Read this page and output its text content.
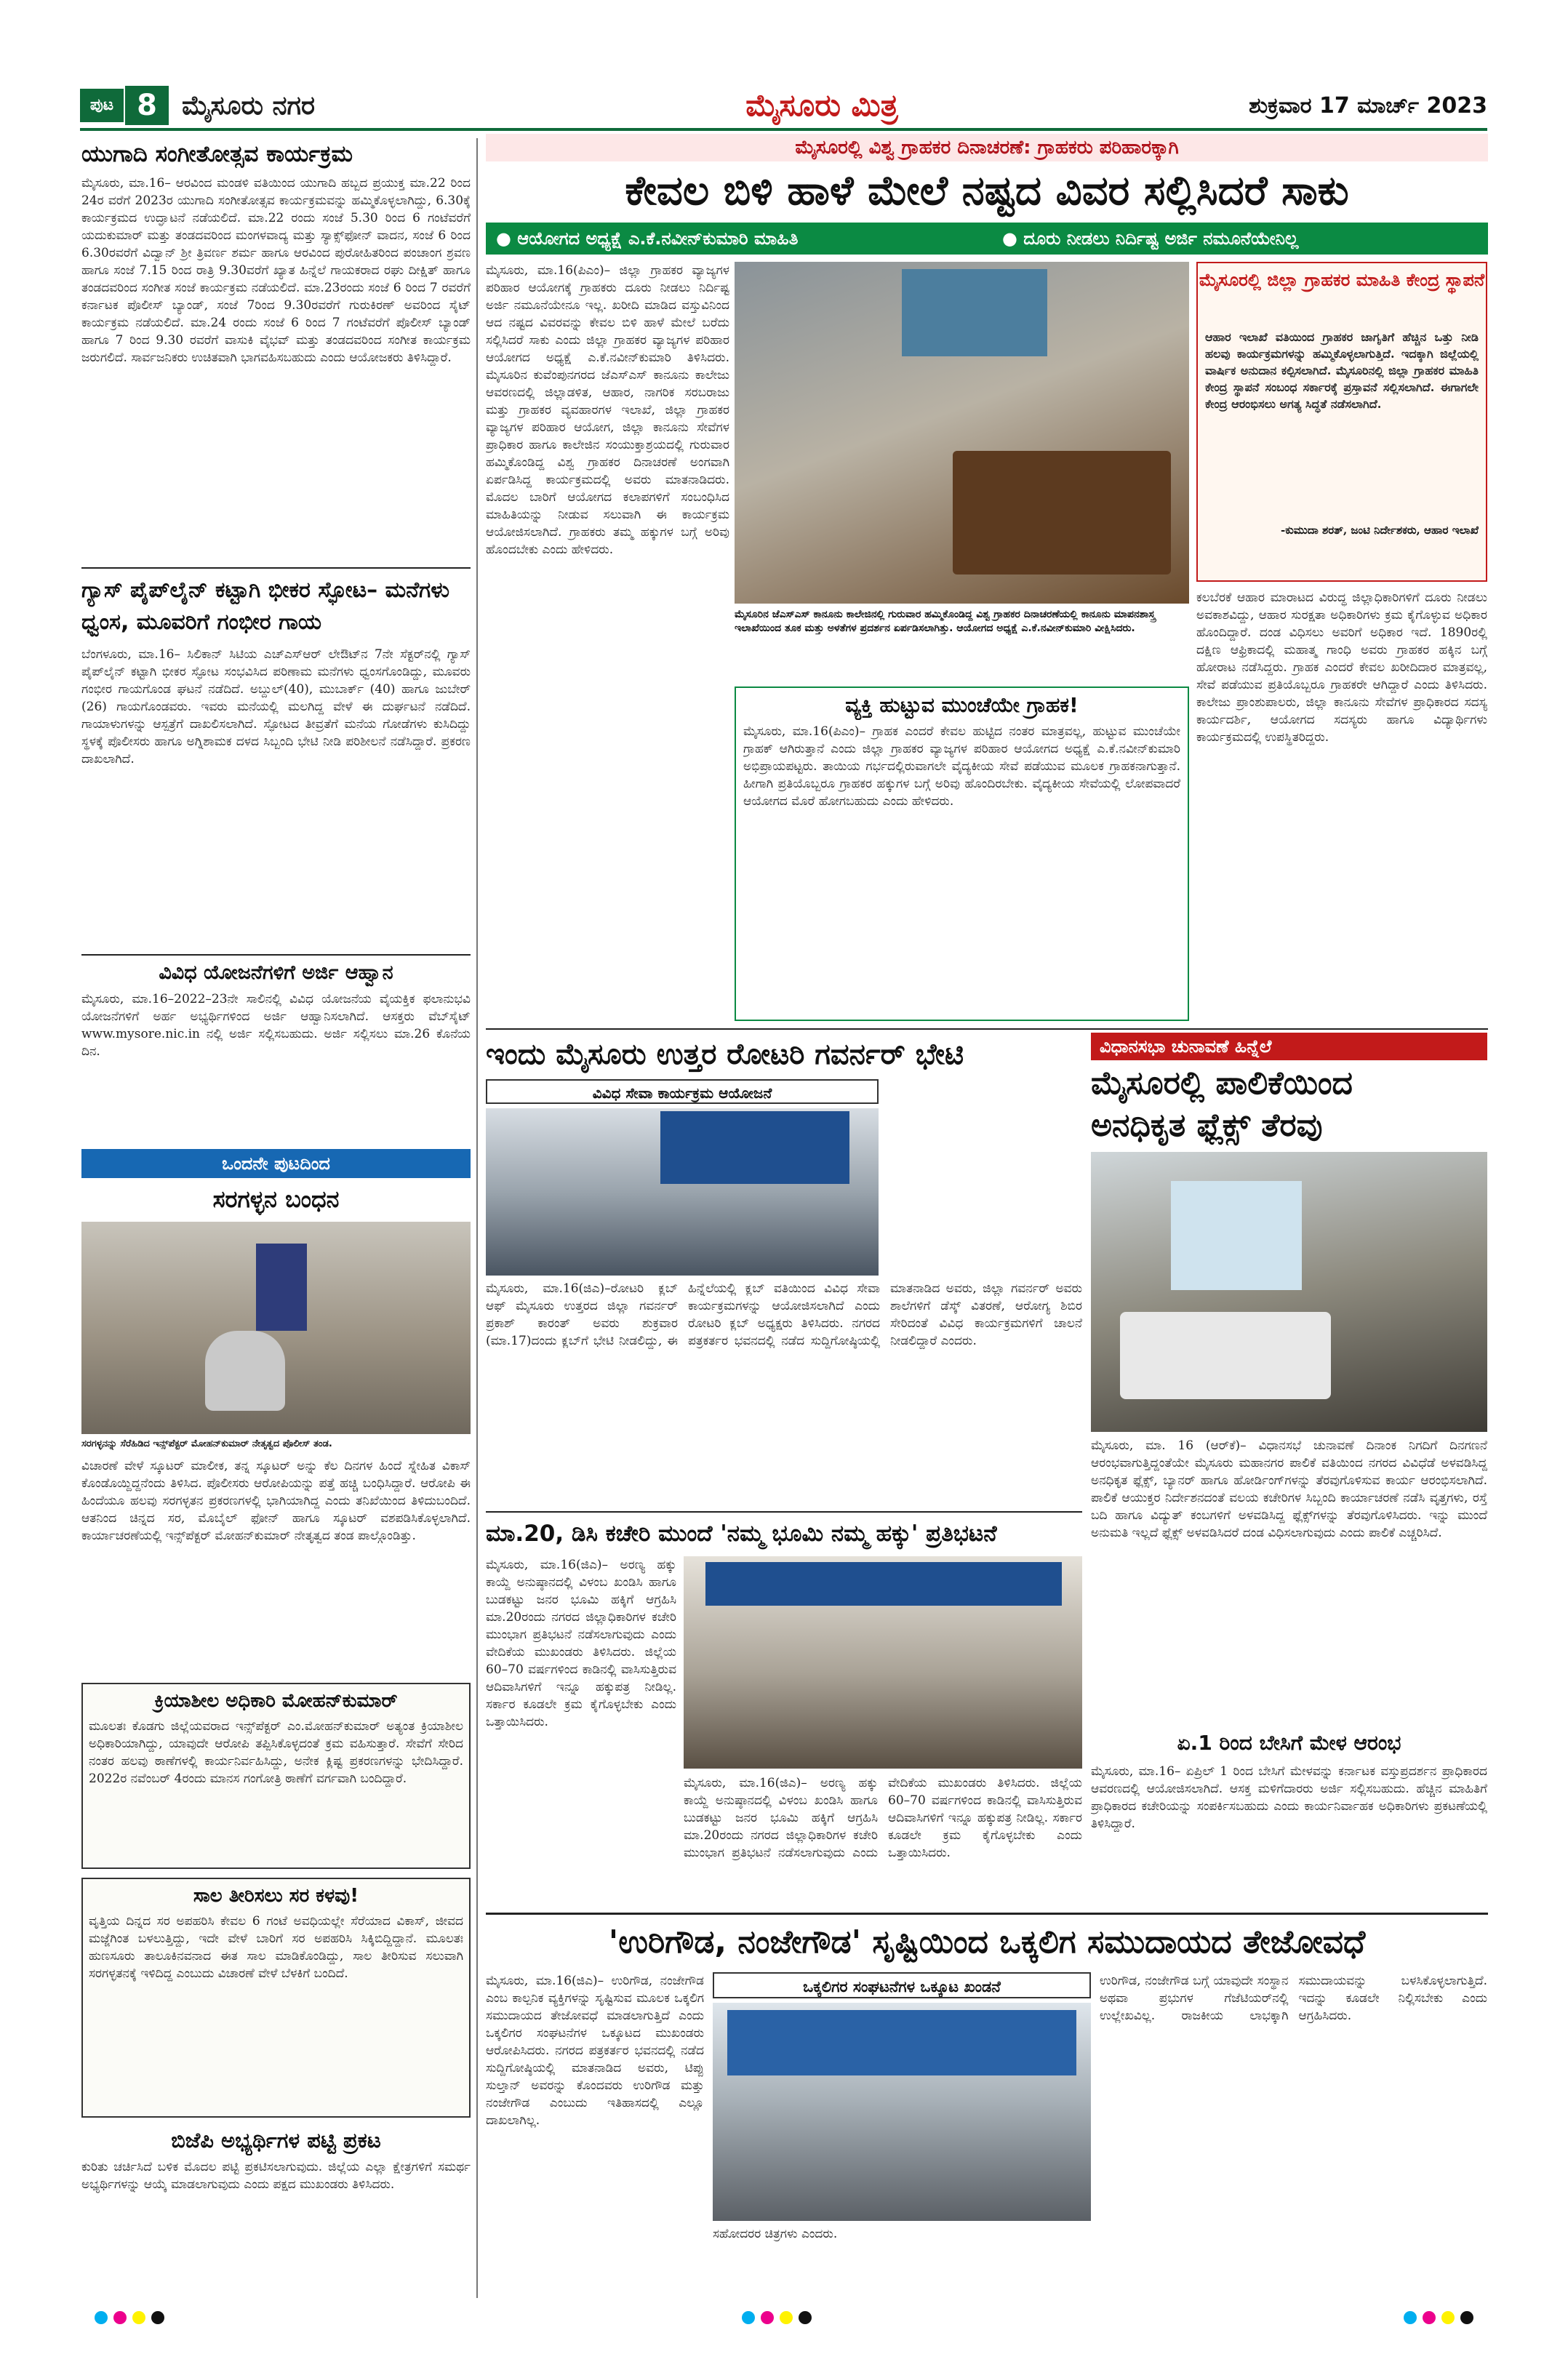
ಪುಟ 8 ಮೈಸೂರು ನಗರ	ಮೈಸೂರು ಮಿತ್ರ	ಶುಕ್ರವಾರ 17 ಮಾರ್ಚ್ 2023
ಯುಗಾದಿ ಸಂಗೀತೋತ್ಸವ ಕಾರ್ಯಕ್ರಮ
ಮೈಸೂರು, ಮಾ.16– ಆರವಿಂದ ಮಂಡಳಿ ವತಿಯಿಂದ ಯುಗಾದಿ ಹಬ್ಬದ ಪ್ರಯುಕ್ತ ಮಾ.22 ರಿಂದ 24ರ ವರೆಗೆ 2023ರ ಯುಗಾದಿ ಸಂಗೀತೋತ್ಸವ ಕಾರ್ಯಕ್ರಮವನ್ನು ಹಮ್ಮಿಕೊಳ್ಳಲಾಗಿದ್ದು, 6.30ಕ್ಕೆ ಕಾರ್ಯಕ್ರಮದ ಉದ್ಘಾಟನೆ ನಡೆಯಲಿದೆ. ಮಾ.22 ರಂದು ಸಂಜೆ 5.30 ರಿಂದ 6 ಗಂಟೆವರೆಗೆ ಯದುಕುಮಾರ್ ಮತ್ತು ತಂಡದವರಿಂದ ಮಂಗಳವಾದ್ಯ ಮತ್ತು ಸ್ಯಾಕ್ಸ್‌ಫೋನ್ ವಾದನ, ಸಂಜೆ 6 ರಿಂದ 6.30ರವರೆಗೆ ವಿದ್ವಾನ್ ಶ್ರೀ ತ್ರಿವರ್ಣ ಶರ್ಮ ಹಾಗೂ ಆರವಿಂದ ಪುರೋಹಿತರಿಂದ ಪಂಚಾಂಗ ಶ್ರವಣ ಹಾಗೂ ಸಂಜೆ 7.15 ರಿಂದ ರಾತ್ರಿ 9.30ವರೆಗೆ ಖ್ಯಾತ ಹಿನ್ನೆಲೆ ಗಾಯಕರಾದ ರಘು ದೀಕ್ಷಿತ್ ಹಾಗೂ ತಂಡದವರಿಂದ ಸಂಗೀತ ಸಂಜೆ ಕಾರ್ಯಕ್ರಮ ನಡೆಯಲಿದೆ. ಮಾ.23ರಂದು ಸಂಜೆ 6 ರಿಂದ 7 ರವರೆಗೆ ಕರ್ನಾಟಕ ಪೊಲೀಸ್ ಬ್ಯಾಂಡ್, ಸಂಜೆ 7ರಿಂದ 9.30ರವರೆಗೆ ಗುರುಕಿರಣ್ ಅವರಿಂದ ಸೈಟ್ ಕಾರ್ಯಕ್ರಮ ನಡೆಯಲಿದೆ. ಮಾ.24 ರಂದು ಸಂಜೆ 6 ರಿಂದ 7 ಗಂಟೆವರೆಗೆ ಪೊಲೀಸ್ ಬ್ಯಾಂಡ್ ಹಾಗೂ 7 ರಿಂದ 9.30 ರವರೆಗೆ ವಾಸುಕಿ ವೈಭವ್ ಮತ್ತು ತಂಡದವರಿಂದ ಸಂಗೀತ ಕಾರ್ಯಕ್ರಮ ಜರುಗಲಿದೆ. ಸಾರ್ವಜನಿಕರು ಉಚಿತವಾಗಿ ಭಾಗವಹಿಸಬಹುದು ಎಂದು ಆಯೋಜಕರು ತಿಳಿಸಿದ್ದಾರೆ.
ಗ್ಯಾಸ್ ಪೈಪ್‌ಲೈನ್ ಕಟ್ಟಾಗಿ ಭೀಕರ ಸ್ಫೋಟ– ಮನೆಗಳು ಧ್ವಂಸ, ಮೂವರಿಗೆ ಗಂಭೀರ ಗಾಯ
ಬೆಂಗಳೂರು, ಮಾ.16– ಸಿಲಿಕಾನ್ ಸಿಟಿಯ ಎಚ್‌ಎಸ್‌ಆರ್ ಲೇಔಟ್‌ನ 7ನೇ ಸೆಕ್ಟರ್‌ನಲ್ಲಿ ಗ್ಯಾಸ್ ಪೈಪ್‌ಲೈನ್ ಕಟ್ಟಾಗಿ ಭೀಕರ ಸ್ಫೋಟ ಸಂಭವಿಸಿದ ಪರಿಣಾಮ ಮನೆಗಳು ಧ್ವಂಸಗೊಂಡಿದ್ದು, ಮೂವರು ಗಂಭೀರ ಗಾಯಗೊಂಡ ಘಟನೆ ನಡೆದಿದೆ. ಅಬ್ದುಲ್(40), ಮುಬಾರ್ಕ್ (40) ಹಾಗೂ ಜುಬೇರ್ (26) ಗಾಯಗೊಂಡವರು. ಇವರು ಮನೆಯಲ್ಲಿ ಮಲಗಿದ್ದ ವೇಳೆ ಈ ದುರ್ಘಟನೆ ನಡೆದಿದೆ. ಗಾಯಾಳುಗಳನ್ನು ಆಸ್ಪತ್ರೆಗೆ ದಾಖಲಿಸಲಾಗಿದೆ. ಸ್ಫೋಟದ ತೀವ್ರತೆಗೆ ಮನೆಯ ಗೋಡೆಗಳು ಕುಸಿದಿದ್ದು ಸ್ಥಳಕ್ಕೆ ಪೊಲೀಸರು ಹಾಗೂ ಅಗ್ನಿಶಾಮಕ ದಳದ ಸಿಬ್ಬಂದಿ ಭೇಟಿ ನೀಡಿ ಪರಿಶೀಲನೆ ನಡೆಸಿದ್ದಾರೆ. ಪ್ರಕರಣ ದಾಖಲಾಗಿದೆ.
ವಿವಿಧ ಯೋಜನೆಗಳಿಗೆ ಅರ್ಜಿ ಆಹ್ವಾನ
ಮೈಸೂರು, ಮಾ.16–2022–23ನೇ ಸಾಲಿನಲ್ಲಿ ವಿವಿಧ ಯೋಜನೆಯ ವೈಯಕ್ತಿಕ ಫಲಾನುಭವಿ ಯೋಜನೆಗಳಿಗೆ ಅರ್ಹ ಅಭ್ಯರ್ಥಿಗಳಿಂದ ಅರ್ಜಿ ಆಹ್ವಾನಿಸಲಾಗಿದೆ. ಆಸಕ್ತರು ವೆಬ್‌ಸೈಟ್ www.mysore.nic.in ನಲ್ಲಿ ಅರ್ಜಿ ಸಲ್ಲಿಸಬಹುದು. ಅರ್ಜಿ ಸಲ್ಲಿಸಲು ಮಾ.26 ಕೊನೆಯ ದಿನ.
ಒಂದನೇ ಪುಟದಿಂದ
ಸರಗಳ್ಳನ ಬಂಧನ
ಸರಗಳ್ಳನನ್ನು ಸೆರೆಹಿಡಿದ ಇನ್ಸ್‌ಪೆಕ್ಟರ್ ಮೋಹನ್‌ಕುಮಾರ್ ನೇತೃತ್ವದ ಪೊಲೀಸ್ ತಂಡ.
ವಿಚಾರಣೆ ವೇಳೆ ಸ್ಕೂಟರ್ ಮಾಲೀಕ, ತನ್ನ ಸ್ಕೂಟರ್ ಅನ್ನು ಕೆಲ ದಿನಗಳ ಹಿಂದೆ ಸ್ನೇಹಿತ ವಿಕಾಸ್ ಕೊಂಡೊಯ್ದಿದ್ದನೆಂದು ತಿಳಿಸಿದ. ಪೊಲೀಸರು ಆರೋಪಿಯನ್ನು ಪತ್ತೆ ಹಚ್ಚಿ ಬಂಧಿಸಿದ್ದಾರೆ. ಆರೋಪಿ ಈ ಹಿಂದೆಯೂ ಹಲವು ಸರಗಳ್ಳತನ ಪ್ರಕರಣಗಳಲ್ಲಿ ಭಾಗಿಯಾಗಿದ್ದ ಎಂದು ತನಿಖೆಯಿಂದ ತಿಳಿದುಬಂದಿದೆ. ಆತನಿಂದ ಚಿನ್ನದ ಸರ, ಮೊಬೈಲ್ ಫೋನ್ ಹಾಗೂ ಸ್ಕೂಟರ್ ವಶಪಡಿಸಿಕೊಳ್ಳಲಾಗಿದೆ. ಕಾರ್ಯಾಚರಣೆಯಲ್ಲಿ ಇನ್ಸ್‌ಪೆಕ್ಟರ್ ಮೋಹನ್‌ಕುಮಾರ್ ನೇತೃತ್ವದ ತಂಡ ಪಾಲ್ಗೊಂಡಿತ್ತು.
ಕ್ರಿಯಾಶೀಲ ಅಧಿಕಾರಿ ಮೋಹನ್‌ಕುಮಾರ್
ಮೂಲತಃ ಕೊಡಗು ಜಿಲ್ಲೆಯವರಾದ ಇನ್ಸ್‌ಪೆಕ್ಟರ್ ಎಂ.ಮೋಹನ್‌ಕುಮಾರ್ ಅತ್ಯಂತ ಕ್ರಿಯಾಶೀಲ ಅಧಿಕಾರಿಯಾಗಿದ್ದು, ಯಾವುದೇ ಆರೋಪಿ ತಪ್ಪಿಸಿಕೊಳ್ಳದಂತೆ ಕ್ರಮ ವಹಿಸುತ್ತಾರೆ. ಸೇವೆಗೆ ಸೇರಿದ ನಂತರ ಹಲವು ಠಾಣೆಗಳಲ್ಲಿ ಕಾರ್ಯನಿರ್ವಹಿಸಿದ್ದು, ಅನೇಕ ಕ್ಲಿಷ್ಟ ಪ್ರಕರಣಗಳನ್ನು ಭೇದಿಸಿದ್ದಾರೆ. 2022ರ ನವೆಂಬರ್ 4ರಂದು ಮಾನಸ ಗಂಗೋತ್ರಿ ಠಾಣೆಗೆ ವರ್ಗವಾಗಿ ಬಂದಿದ್ದಾರೆ.
ಸಾಲ ತೀರಿಸಲು ಸರ ಕಳವು!
ವೃತ್ತಿಯ ದಿನ್ನದ ಸರ ಅಪಹರಿಸಿ ಕೇವಲ 6 ಗಂಟೆ ಅವಧಿಯಲ್ಲೇ ಸೆರೆಯಾದ ವಿಕಾಸ್, ಜೀವದ ಮಜ್ಜೆಗಿಂತ ಬಳಲುತ್ತಿದ್ದು, ಇದೇ ವೇಳೆ ಬಾರಿಗೆ ಸರ ಅಪಹರಿಸಿ ಸಿಕ್ಕಿಬಿದ್ದಿದ್ದಾನೆ. ಮೂಲತಃ ಹುಣಸೂರು ತಾಲೂಕಿನವನಾದ ಈತ ಸಾಲ ಮಾಡಿಕೊಂಡಿದ್ದು, ಸಾಲ ತೀರಿಸುವ ಸಲುವಾಗಿ ಸರಗಳ್ಳತನಕ್ಕೆ ಇಳಿದಿದ್ದ ಎಂಬುದು ವಿಚಾರಣೆ ವೇಳೆ ಬೆಳಕಿಗೆ ಬಂದಿದೆ.
ಬಿಜೆಪಿ ಅಭ್ಯರ್ಥಿಗಳ ಪಟ್ಟಿ ಪ್ರಕಟ
ಕುರಿತು ಚರ್ಚಿಸಿದೆ ಬಳಿಕ ಮೊದಲ ಪಟ್ಟಿ ಪ್ರಕಟಿಸಲಾಗುವುದು. ಜಿಲ್ಲೆಯ ಎಲ್ಲಾ ಕ್ಷೇತ್ರಗಳಿಗೆ ಸಮರ್ಥ ಅಭ್ಯರ್ಥಿಗಳನ್ನು ಆಯ್ಕೆ ಮಾಡಲಾಗುವುದು ಎಂದು ಪಕ್ಷದ ಮುಖಂಡರು ತಿಳಿಸಿದರು.
ಮೈಸೂರಲ್ಲಿ ವಿಶ್ವ ಗ್ರಾಹಕರ ದಿನಾಚರಣೆ: ಗ್ರಾಹಕರು ಪರಿಹಾರಕ್ಕಾಗಿ
ಕೇವಲ ಬಿಳಿ ಹಾಳೆ ಮೇಲೆ ನಷ್ಟದ ವಿವರ ಸಲ್ಲಿಸಿದರೆ ಸಾಕು
● ಆಯೋಗದ ಅಧ್ಯಕ್ಷೆ ಎ.ಕೆ.ನವೀನ್‌ಕುಮಾರಿ ಮಾಹಿತಿ	● ದೂರು ನೀಡಲು ನಿರ್ದಿಷ್ಟ ಅರ್ಜಿ ನಮೂನೆಯೇನಿಲ್ಲ
ಮೈಸೂರು, ಮಾ.16(ಪಿಎಂ)– ಜಿಲ್ಲಾ ಗ್ರಾಹಕರ ವ್ಯಾಜ್ಯಗಳ ಪರಿಹಾರ ಆಯೋಗಕ್ಕೆ ಗ್ರಾಹಕರು ದೂರು ನೀಡಲು ನಿರ್ದಿಷ್ಟ ಅರ್ಜಿ ನಮೂನೆಯೇನೂ ಇಲ್ಲ. ಖರೀದಿ ಮಾಡಿದ ವಸ್ತುವಿನಿಂದ ಆದ ನಷ್ಟದ ವಿವರವನ್ನು ಕೇವಲ ಬಿಳಿ ಹಾಳೆ ಮೇಲೆ ಬರೆದು ಸಲ್ಲಿಸಿದರೆ ಸಾಕು ಎಂದು ಜಿಲ್ಲಾ ಗ್ರಾಹಕರ ವ್ಯಾಜ್ಯಗಳ ಪರಿಹಾರ ಆಯೋಗದ ಅಧ್ಯಕ್ಷೆ ಎ.ಕೆ.ನವೀನ್‌ಕುಮಾರಿ ತಿಳಿಸಿದರು. ಮೈಸೂರಿನ ಕುವೆಂಪುನಗರದ ಜೆಎಸ್‌ಎಸ್ ಕಾನೂನು ಕಾಲೇಜು ಆವರಣದಲ್ಲಿ ಜಿಲ್ಲಾಡಳಿತ, ಆಹಾರ, ನಾಗರಿಕ ಸರಬರಾಜು ಮತ್ತು ಗ್ರಾಹಕರ ವ್ಯವಹಾರಗಳ ಇಲಾಖೆ, ಜಿಲ್ಲಾ ಗ್ರಾಹಕರ ವ್ಯಾಜ್ಯಗಳ ಪರಿಹಾರ ಆಯೋಗ, ಜಿಲ್ಲಾ ಕಾನೂನು ಸೇವೆಗಳ ಪ್ರಾಧಿಕಾರ ಹಾಗೂ ಕಾಲೇಜಿನ ಸಂಯುಕ್ತಾಶ್ರಯದಲ್ಲಿ ಗುರುವಾರ ಹಮ್ಮಿಕೊಂಡಿದ್ದ ವಿಶ್ವ ಗ್ರಾಹಕರ ದಿನಾಚರಣೆ ಅಂಗವಾಗಿ ಏರ್ಪಡಿಸಿದ್ದ ಕಾರ್ಯಕ್ರಮದಲ್ಲಿ ಅವರು ಮಾತನಾಡಿದರು. ಮೊದಲ ಬಾರಿಗೆ ಆಯೋಗದ ಕಲಾಪಗಳಿಗೆ ಸಂಬಂಧಿಸಿದ ಮಾಹಿತಿಯನ್ನು ನೀಡುವ ಸಲುವಾಗಿ ಈ ಕಾರ್ಯಕ್ರಮ ಆಯೋಜಿಸಲಾಗಿದೆ. ಗ್ರಾಹಕರು ತಮ್ಮ ಹಕ್ಕುಗಳ ಬಗ್ಗೆ ಅರಿವು ಹೊಂದಬೇಕು ಎಂದು ಹೇಳಿದರು.
ಮೈಸೂರಿನ ಜೆಎಸ್‌ಎಸ್ ಕಾನೂನು ಕಾಲೇಜಿನಲ್ಲಿ ಗುರುವಾರ ಹಮ್ಮಿಕೊಂಡಿದ್ದ ವಿಶ್ವ ಗ್ರಾಹಕರ ದಿನಾಚರಣೆಯಲ್ಲಿ ಕಾನೂನು ಮಾಪನಶಾಸ್ತ್ರ ಇಲಾಖೆಯಿಂದ ತೂಕ ಮತ್ತು ಅಳತೆಗಳ ಪ್ರದರ್ಶನ ಏರ್ಪಡಿಸಲಾಗಿತ್ತು. ಆಯೋಗದ ಅಧ್ಯಕ್ಷೆ ಎ.ಕೆ.ನವೀನ್‌ಕುಮಾರಿ ವೀಕ್ಷಿಸಿದರು.
ಮೈಸೂರಲ್ಲಿ ಜಿಲ್ಲಾ ಗ್ರಾಹಕರ ಮಾಹಿತಿ ಕೇಂದ್ರ ಸ್ಥಾಪನೆ
ಆಹಾರ ಇಲಾಖೆ ವತಿಯಿಂದ ಗ್ರಾಹಕರ ಜಾಗೃತಿಗೆ ಹೆಚ್ಚಿನ ಒತ್ತು ನೀಡಿ ಹಲವು ಕಾರ್ಯಕ್ರಮಗಳನ್ನು ಹಮ್ಮಿಕೊಳ್ಳಲಾಗುತ್ತಿದೆ. ಇದಕ್ಕಾಗಿ ಜಿಲ್ಲೆಯಲ್ಲಿ ವಾರ್ಷಿಕ ಅನುದಾನ ಕಲ್ಪಿಸಲಾಗಿದೆ. ಮೈಸೂರಿನಲ್ಲಿ ಜಿಲ್ಲಾ ಗ್ರಾಹಕರ ಮಾಹಿತಿ ಕೇಂದ್ರ ಸ್ಥಾಪನೆ ಸಂಬಂಧ ಸರ್ಕಾರಕ್ಕೆ ಪ್ರಸ್ತಾವನೆ ಸಲ್ಲಿಸಲಾಗಿದೆ. ಈಗಾಗಲೇ ಕೇಂದ್ರ ಆರಂಭಿಸಲು ಅಗತ್ಯ ಸಿದ್ಧತೆ ನಡೆಸಲಾಗಿದೆ.
-ಕುಮುದಾ ಶರತ್, ಜಂಟಿ ನಿರ್ದೇಶಕರು, ಆಹಾರ ಇಲಾಖೆ
ಕಲಬೆರಕೆ ಆಹಾರ ಮಾರಾಟದ ವಿರುದ್ಧ ಜಿಲ್ಲಾಧಿಕಾರಿಗಳಿಗೆ ದೂರು ನೀಡಲು ಅವಕಾಶವಿದ್ದು, ಆಹಾರ ಸುರಕ್ಷತಾ ಅಧಿಕಾರಿಗಳು ಕ್ರಮ ಕೈಗೊಳ್ಳುವ ಅಧಿಕಾರ ಹೊಂದಿದ್ದಾರೆ. ದಂಡ ವಿಧಿಸಲು ಅವರಿಗೆ ಅಧಿಕಾರ ಇದೆ. 1890ರಲ್ಲಿ ದಕ್ಷಿಣ ಆಫ್ರಿಕಾದಲ್ಲಿ ಮಹಾತ್ಮ ಗಾಂಧಿ ಅವರು ಗ್ರಾಹಕರ ಹಕ್ಕಿನ ಬಗ್ಗೆ ಹೋರಾಟ ನಡೆಸಿದ್ದರು. ಗ್ರಾಹಕ ಎಂದರೆ ಕೇವಲ ಖರೀದಿದಾರ ಮಾತ್ರವಲ್ಲ, ಸೇವೆ ಪಡೆಯುವ ಪ್ರತಿಯೊಬ್ಬರೂ ಗ್ರಾಹಕರೇ ಆಗಿದ್ದಾರೆ ಎಂದು ತಿಳಿಸಿದರು. ಕಾಲೇಜು ಪ್ರಾಂಶುಪಾಲರು, ಜಿಲ್ಲಾ ಕಾನೂನು ಸೇವೆಗಳ ಪ್ರಾಧಿಕಾರದ ಸದಸ್ಯ ಕಾರ್ಯದರ್ಶಿ, ಆಯೋಗದ ಸದಸ್ಯರು ಹಾಗೂ ವಿದ್ಯಾರ್ಥಿಗಳು ಕಾರ್ಯಕ್ರಮದಲ್ಲಿ ಉಪಸ್ಥಿತರಿದ್ದರು.
ವ್ಯಕ್ತಿ ಹುಟ್ಟುವ ಮುಂಚೆಯೇ ಗ್ರಾಹಕ!
ಮೈಸೂರು, ಮಾ.16(ಪಿಎಂ)– ಗ್ರಾಹಕ ಎಂದರೆ ಕೇವಲ ಹುಟ್ಟಿದ ನಂತರ ಮಾತ್ರವಲ್ಲ, ಹುಟ್ಟುವ ಮುಂಚೆಯೇ ಗ್ರಾಹಕ್ ಆಗಿರುತ್ತಾನೆ ಎಂದು ಜಿಲ್ಲಾ ಗ್ರಾಹಕರ ವ್ಯಾಜ್ಯಗಳ ಪರಿಹಾರ ಆಯೋಗದ ಅಧ್ಯಕ್ಷೆ ಎ.ಕೆ.ನವೀನ್‌ಕುಮಾರಿ ಅಭಿಪ್ರಾಯಪಟ್ಟರು. ತಾಯಿಯ ಗರ್ಭದಲ್ಲಿರುವಾಗಲೇ ವೈದ್ಯಕೀಯ ಸೇವೆ ಪಡೆಯುವ ಮೂಲಕ ಗ್ರಾಹಕನಾಗುತ್ತಾನೆ. ಹೀಗಾಗಿ ಪ್ರತಿಯೊಬ್ಬರೂ ಗ್ರಾಹಕರ ಹಕ್ಕುಗಳ ಬಗ್ಗೆ ಅರಿವು ಹೊಂದಿರಬೇಕು. ವೈದ್ಯಕೀಯ ಸೇವೆಯಲ್ಲಿ ಲೋಪವಾದರೆ ಆಯೋಗದ ಮೊರೆ ಹೋಗಬಹುದು ಎಂದು ಹೇಳಿದರು.
ಇಂದು ಮೈಸೂರು ಉತ್ತರ ರೋಟರಿ ಗವರ್ನರ್ ಭೇಟಿ
ವಿವಿಧ ಸೇವಾ ಕಾರ್ಯಕ್ರಮ ಆಯೋಜನೆ
ಮೈಸೂರು, ಮಾ.16(ಜಿಎ)–ರೋಟರಿ ಕ್ಲಬ್ ಆಫ್ ಮೈಸೂರು ಉತ್ತರದ ಜಿಲ್ಲಾ ಗವರ್ನರ್ ಪ್ರಕಾಶ್ ಕಾರಂತ್ ಅವರು ಶುಕ್ರವಾರ (ಮಾ.17)ದಂದು ಕ್ಲಬ್‌ಗೆ ಭೇಟಿ ನೀಡಲಿದ್ದು, ಈ ಹಿನ್ನೆಲೆಯಲ್ಲಿ ಕ್ಲಬ್ ವತಿಯಿಂದ ವಿವಿಧ ಸೇವಾ ಕಾರ್ಯಕ್ರಮಗಳನ್ನು ಆಯೋಜಿಸಲಾಗಿದೆ ಎಂದು ರೋಟರಿ ಕ್ಲಬ್ ಅಧ್ಯಕ್ಷರು ತಿಳಿಸಿದರು. ನಗರದ ಪತ್ರಕರ್ತರ ಭವನದಲ್ಲಿ ನಡೆದ ಸುದ್ದಿಗೋಷ್ಠಿಯಲ್ಲಿ ಮಾತನಾಡಿದ ಅವರು, ಜಿಲ್ಲಾ ಗವರ್ನರ್ ಅವರು ಶಾಲೆಗಳಿಗೆ ಡೆಸ್ಕ್ ವಿತರಣೆ, ಆರೋಗ್ಯ ಶಿಬಿರ ಸೇರಿದಂತೆ ವಿವಿಧ ಕಾರ್ಯಕ್ರಮಗಳಿಗೆ ಚಾಲನೆ ನೀಡಲಿದ್ದಾರೆ ಎಂದರು.
ವಿಧಾನಸಭಾ ಚುನಾವಣೆ ಹಿನ್ನೆಲೆ
ಮೈಸೂರಲ್ಲಿ ಪಾಲಿಕೆಯಿಂದ
ಅನಧಿಕೃತ ಫ್ಲೆಕ್ಸ್ ತೆರವು
ಮೈಸೂರು, ಮಾ. 16 (ಆರ್‌ಕೆ)– ವಿಧಾನಸಭೆ ಚುನಾವಣೆ ದಿನಾಂಕ ನಿಗದಿಗೆ ದಿನಗಣನೆ ಆರಂಭವಾಗುತ್ತಿದ್ದಂತೆಯೇ ಮೈಸೂರು ಮಹಾನಗರ ಪಾಲಿಕೆ ವತಿಯಿಂದ ನಗರದ ವಿವಿಧೆಡೆ ಅಳವಡಿಸಿದ್ದ ಅನಧಿಕೃತ ಫ್ಲೆಕ್ಸ್, ಬ್ಯಾನರ್ ಹಾಗೂ ಹೋರ್ಡಿಂಗ್‌ಗಳನ್ನು ತೆರವುಗೊಳಿಸುವ ಕಾರ್ಯ ಆರಂಭಿಸಲಾಗಿದೆ. ಪಾಲಿಕೆ ಆಯುಕ್ತರ ನಿರ್ದೇಶನದಂತೆ ವಲಯ ಕಚೇರಿಗಳ ಸಿಬ್ಬಂದಿ ಕಾರ್ಯಾಚರಣೆ ನಡೆಸಿ ವೃತ್ತಗಳು, ರಸ್ತೆ ಬದಿ ಹಾಗೂ ವಿದ್ಯುತ್ ಕಂಬಗಳಿಗೆ ಅಳವಡಿಸಿದ್ದ ಫ್ಲೆಕ್ಸ್‌ಗಳನ್ನು ತೆರವುಗೊಳಿಸಿದರು. ಇನ್ನು ಮುಂದೆ ಅನುಮತಿ ಇಲ್ಲದೆ ಫ್ಲೆಕ್ಸ್ ಅಳವಡಿಸಿದರೆ ದಂಡ ವಿಧಿಸಲಾಗುವುದು ಎಂದು ಪಾಲಿಕೆ ಎಚ್ಚರಿಸಿದೆ.
ಮಾ.20, ಡಿಸಿ ಕಚೇರಿ ಮುಂದೆ 'ನಮ್ಮ ಭೂಮಿ ನಮ್ಮ ಹಕ್ಕು' ಪ್ರತಿಭಟನೆ
ಮೈಸೂರು, ಮಾ.16(ಜಿಎ)– ಅರಣ್ಯ ಹಕ್ಕು ಕಾಯ್ದೆ ಅನುಷ್ಠಾನದಲ್ಲಿ ವಿಳಂಬ ಖಂಡಿಸಿ ಹಾಗೂ ಬುಡಕಟ್ಟು ಜನರ ಭೂಮಿ ಹಕ್ಕಿಗೆ ಆಗ್ರಹಿಸಿ ಮಾ.20ರಂದು ನಗರದ ಜಿಲ್ಲಾಧಿಕಾರಿಗಳ ಕಚೇರಿ ಮುಂಭಾಗ ಪ್ರತಿಭಟನೆ ನಡೆಸಲಾಗುವುದು ಎಂದು ವೇದಿಕೆಯ ಮುಖಂಡರು ತಿಳಿಸಿದರು. ಜಿಲ್ಲೆಯ 60–70 ವರ್ಷಗಳಿಂದ ಕಾಡಿನಲ್ಲಿ ವಾಸಿಸುತ್ತಿರುವ ಆದಿವಾಸಿಗಳಿಗೆ ಇನ್ನೂ ಹಕ್ಕುಪತ್ರ ನೀಡಿಲ್ಲ. ಸರ್ಕಾರ ಕೂಡಲೇ ಕ್ರಮ ಕೈಗೊಳ್ಳಬೇಕು ಎಂದು ಒತ್ತಾಯಿಸಿದರು.
ಮೈಸೂರು, ಮಾ.16(ಜಿಎ)– ಅರಣ್ಯ ಹಕ್ಕು ಕಾಯ್ದೆ ಅನುಷ್ಠಾನದಲ್ಲಿ ವಿಳಂಬ ಖಂಡಿಸಿ ಹಾಗೂ ಬುಡಕಟ್ಟು ಜನರ ಭೂಮಿ ಹಕ್ಕಿಗೆ ಆಗ್ರಹಿಸಿ ಮಾ.20ರಂದು ನಗರದ ಜಿಲ್ಲಾಧಿಕಾರಿಗಳ ಕಚೇರಿ ಮುಂಭಾಗ ಪ್ರತಿಭಟನೆ ನಡೆಸಲಾಗುವುದು ಎಂದು ವೇದಿಕೆಯ ಮುಖಂಡರು ತಿಳಿಸಿದರು. ಜಿಲ್ಲೆಯ 60–70 ವರ್ಷಗಳಿಂದ ಕಾಡಿನಲ್ಲಿ ವಾಸಿಸುತ್ತಿರುವ ಆದಿವಾಸಿಗಳಿಗೆ ಇನ್ನೂ ಹಕ್ಕುಪತ್ರ ನೀಡಿಲ್ಲ. ಸರ್ಕಾರ ಕೂಡಲೇ ಕ್ರಮ ಕೈಗೊಳ್ಳಬೇಕು ಎಂದು ಒತ್ತಾಯಿಸಿದರು.
ಏ.1 ರಿಂದ ಬೇಸಿಗೆ ಮೇಳ ಆರಂಭ
ಮೈಸೂರು, ಮಾ.16– ಏಪ್ರಿಲ್ 1 ರಿಂದ ಬೇಸಿಗೆ ಮೇಳವನ್ನು ಕರ್ನಾಟಕ ವಸ್ತುಪ್ರದರ್ಶನ ಪ್ರಾಧಿಕಾರದ ಆವರಣದಲ್ಲಿ ಆಯೋಜಿಸಲಾಗಿದೆ. ಆಸಕ್ತ ಮಳಿಗೆದಾರರು ಅರ್ಜಿ ಸಲ್ಲಿಸಬಹುದು. ಹೆಚ್ಚಿನ ಮಾಹಿತಿಗೆ ಪ್ರಾಧಿಕಾರದ ಕಚೇರಿಯನ್ನು ಸಂಪರ್ಕಿಸಬಹುದು ಎಂದು ಕಾರ್ಯನಿರ್ವಾಹಕ ಅಧಿಕಾರಿಗಳು ಪ್ರಕಟಣೆಯಲ್ಲಿ ತಿಳಿಸಿದ್ದಾರೆ.
'ಉರಿಗೌಡ, ನಂಜೇಗೌಡ' ಸೃಷ್ಟಿಯಿಂದ ಒಕ್ಕಲಿಗ ಸಮುದಾಯದ ತೇಜೋವಧೆ
ಮೈಸೂರು, ಮಾ.16(ಜಿಎ)– ಉರಿಗೌಡ, ನಂಜೇಗೌಡ ಎಂಬ ಕಾಲ್ಪನಿಕ ವ್ಯಕ್ತಿಗಳನ್ನು ಸೃಷ್ಟಿಸುವ ಮೂಲಕ ಒಕ್ಕಲಿಗ ಸಮುದಾಯದ ತೇಜೋವಧೆ ಮಾಡಲಾಗುತ್ತಿದೆ ಎಂದು ಒಕ್ಕಲಿಗರ ಸಂಘಟನೆಗಳ ಒಕ್ಕೂಟದ ಮುಖಂಡರು ಆರೋಪಿಸಿದರು. ನಗರದ ಪತ್ರಕರ್ತರ ಭವನದಲ್ಲಿ ನಡೆದ ಸುದ್ದಿಗೋಷ್ಠಿಯಲ್ಲಿ ಮಾತನಾಡಿದ ಅವರು, ಟಿಪ್ಪು ಸುಲ್ತಾನ್ ಅವರನ್ನು ಕೊಂದವರು ಉರಿಗೌಡ ಮತ್ತು ನಂಜೇಗೌಡ ಎಂಬುದು ಇತಿಹಾಸದಲ್ಲಿ ಎಲ್ಲೂ ದಾಖಲಾಗಿಲ್ಲ.
ಒಕ್ಕಲಿಗರ ಸಂಘಟನೆಗಳ ಒಕ್ಕೂಟ ಖಂಡನೆ
ಸಹೋದರರ ಚಿತ್ರಗಳು ಎಂದರು.
ಉರಿಗೌಡ, ನಂಜೇಗೌಡ ಬಗ್ಗೆ ಯಾವುದೇ ಸಂಸ್ಥಾನ ಅಥವಾ ಪ್ರಭುಗಳ ಗೆಜೆಟಿಯರ್‌ನಲ್ಲಿ ಉಲ್ಲೇಖವಿಲ್ಲ. ರಾಜಕೀಯ ಲಾಭಕ್ಕಾಗಿ ಸಮುದಾಯವನ್ನು ಬಳಸಿಕೊಳ್ಳಲಾಗುತ್ತಿದೆ. ಇದನ್ನು ಕೂಡಲೇ ನಿಲ್ಲಿಸಬೇಕು ಎಂದು ಆಗ್ರಹಿಸಿದರು.
